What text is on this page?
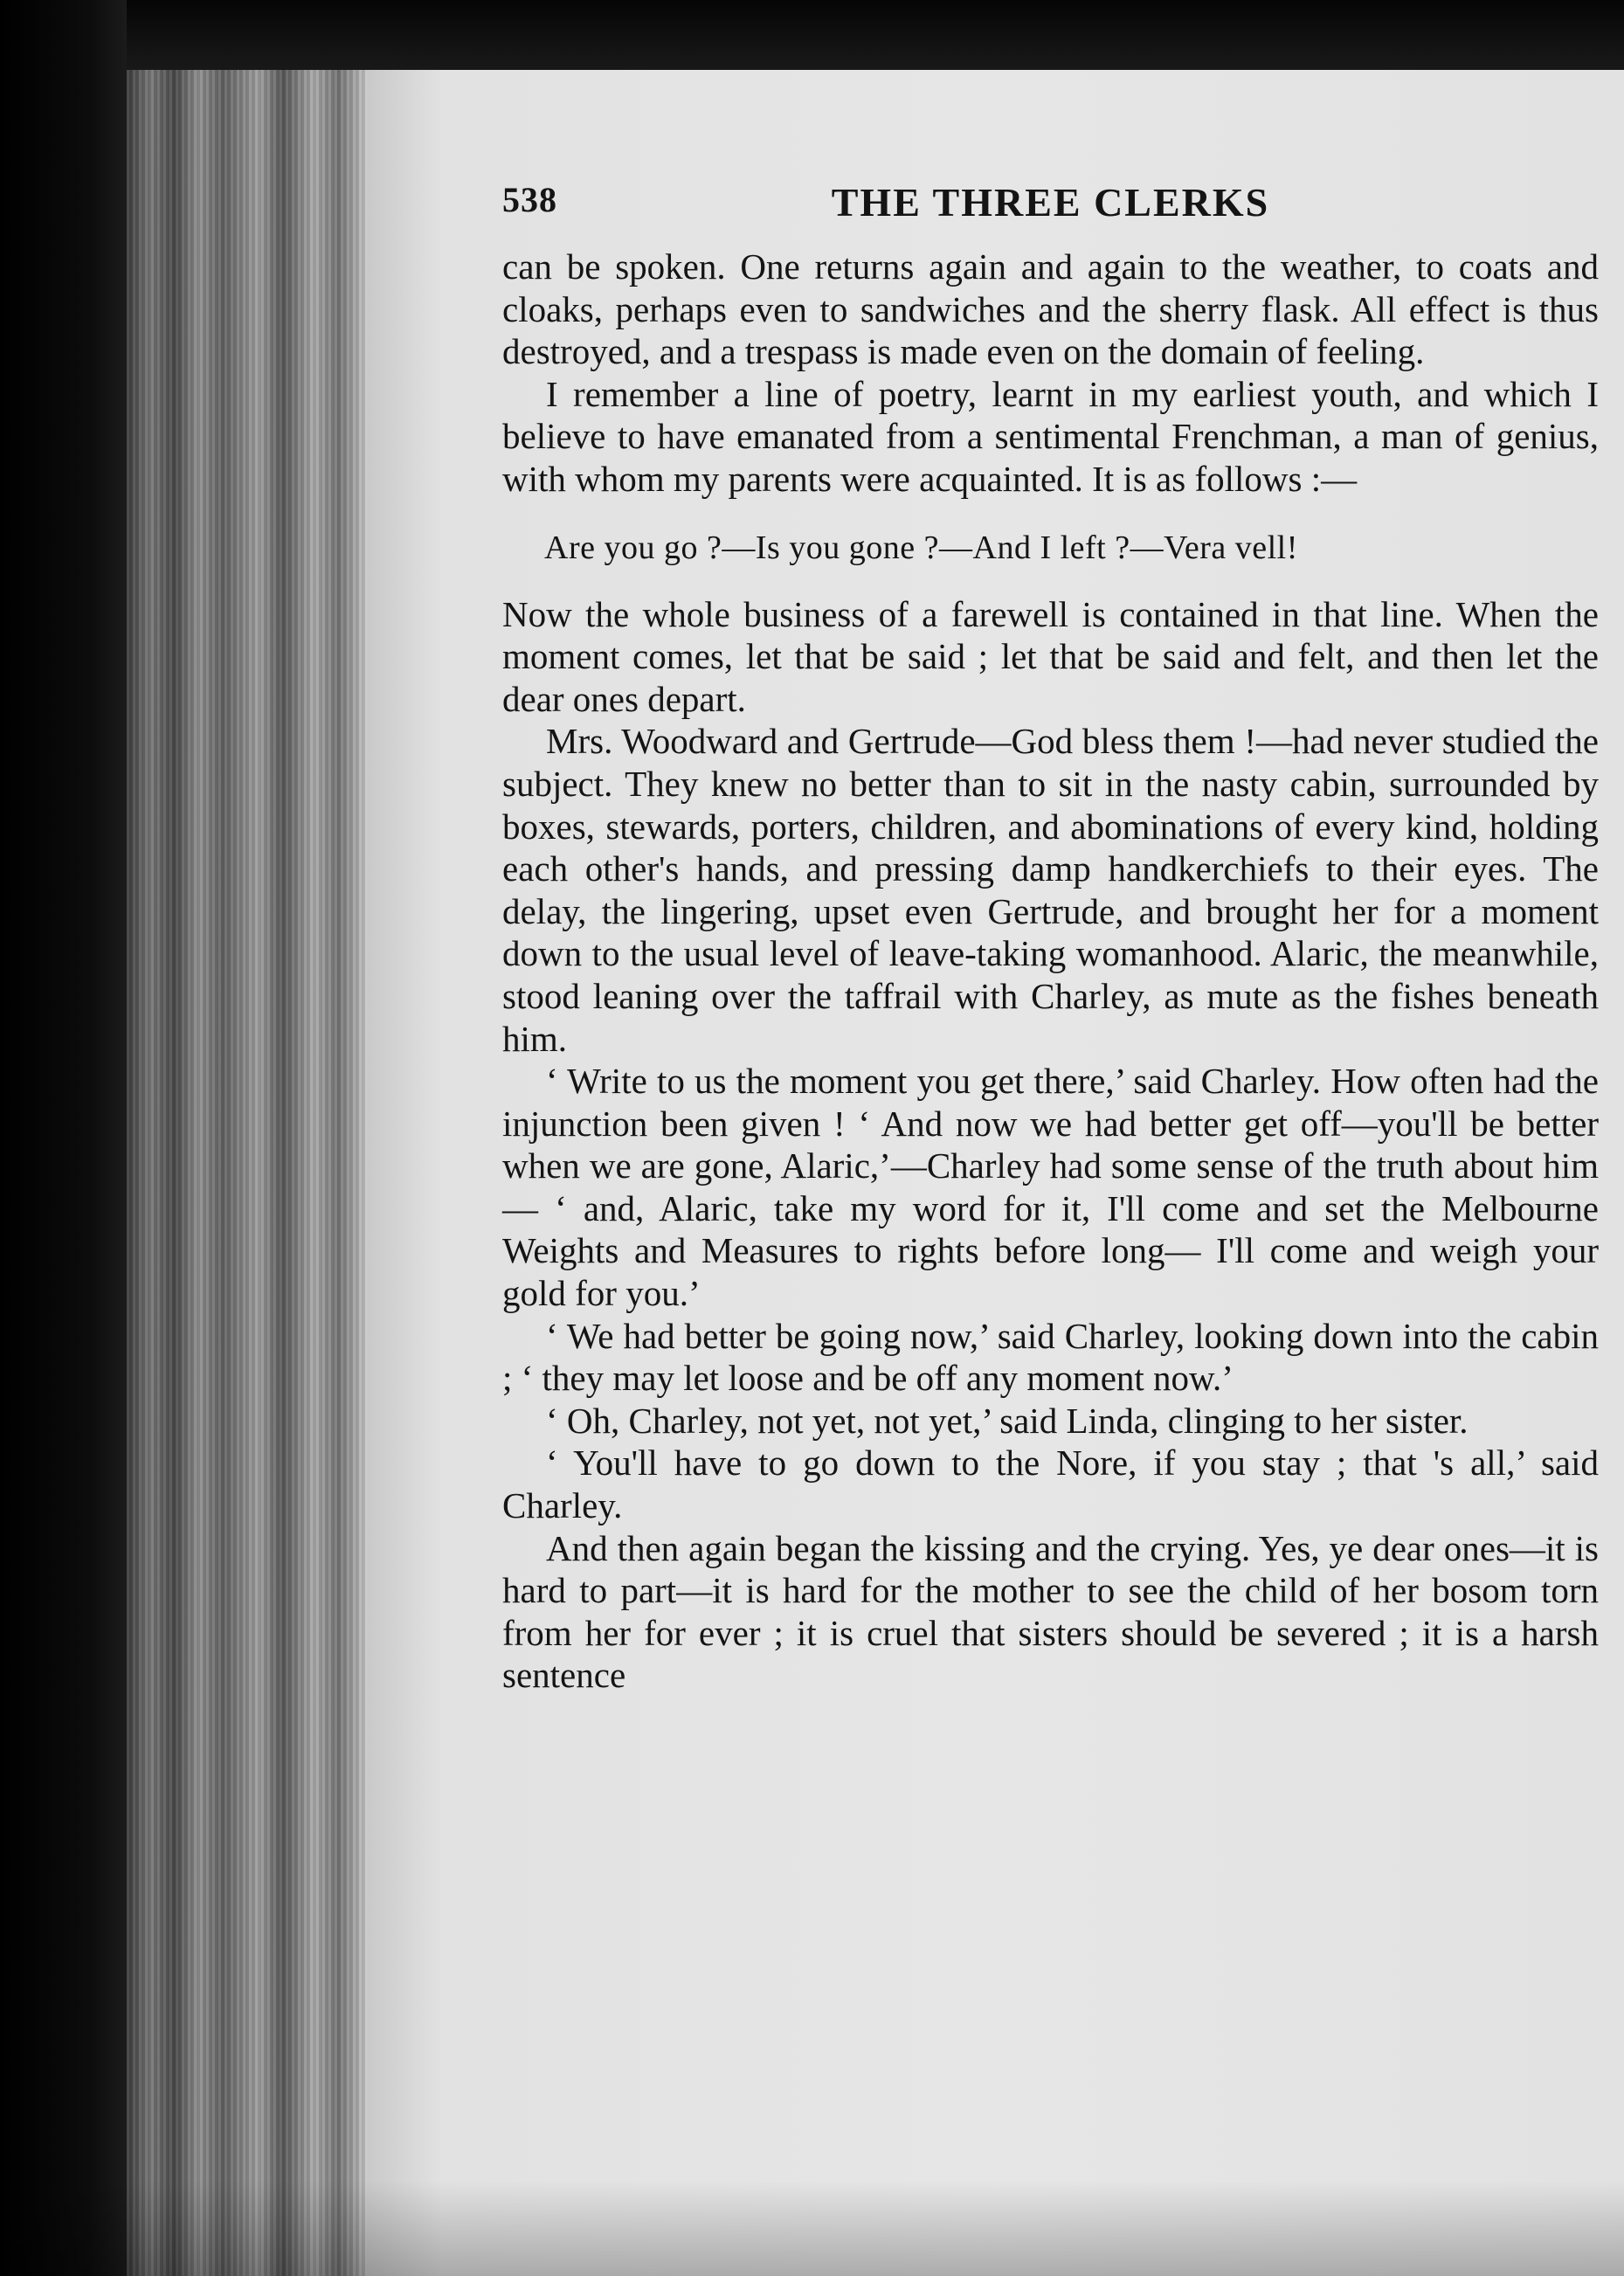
538	THE THREE CLERKS

can be spoken. One returns again and again to the weather, to coats and cloaks, perhaps even to sandwiches and the sherry flask. All effect is thus destroyed, and a trespass is made even on the domain of feeling.

I remember a line of poetry, learnt in my earliest youth, and which I believe to have emanated from a sentimental Frenchman, a man of genius, with whom my parents were acquainted. It is as follows :—

Are you go ?—Is you gone ?—And I left ?—Vera vell!

Now the whole business of a farewell is contained in that line. When the moment comes, let that be said ; let that be said and felt, and then let the dear ones depart.

Mrs. Woodward and Gertrude—God bless them !—had never studied the subject. They knew no better than to sit in the nasty cabin, surrounded by boxes, stewards, porters, children, and abominations of every kind, holding each other's hands, and pressing damp handkerchiefs to their eyes. The delay, the lingering, upset even Gertrude, and brought her for a moment down to the usual level of leave-taking womanhood. Alaric, the meanwhile, stood leaning over the taffrail with Charley, as mute as the fishes beneath him.

‘ Write to us the moment you get there,’ said Charley. How often had the injunction been given ! ‘ And now we had better get off—you'll be better when we are gone, Alaric,’—Charley had some sense of the truth about him— ‘ and, Alaric, take my word for it, I'll come and set the Melbourne Weights and Measures to rights before long— I'll come and weigh your gold for you.’

‘ We had better be going now,’ said Charley, looking down into the cabin ; ‘ they may let loose and be off any moment now.’

‘ Oh, Charley, not yet, not yet,’ said Linda, clinging to her sister.

‘ You'll have to go down to the Nore, if you stay ; that 's all,’ said Charley.

And then again began the kissing and the crying. Yes, ye dear ones—it is hard to part—it is hard for the mother to see the child of her bosom torn from her for ever ; it is cruel that sisters should be severed ; it is a harsh sentence
